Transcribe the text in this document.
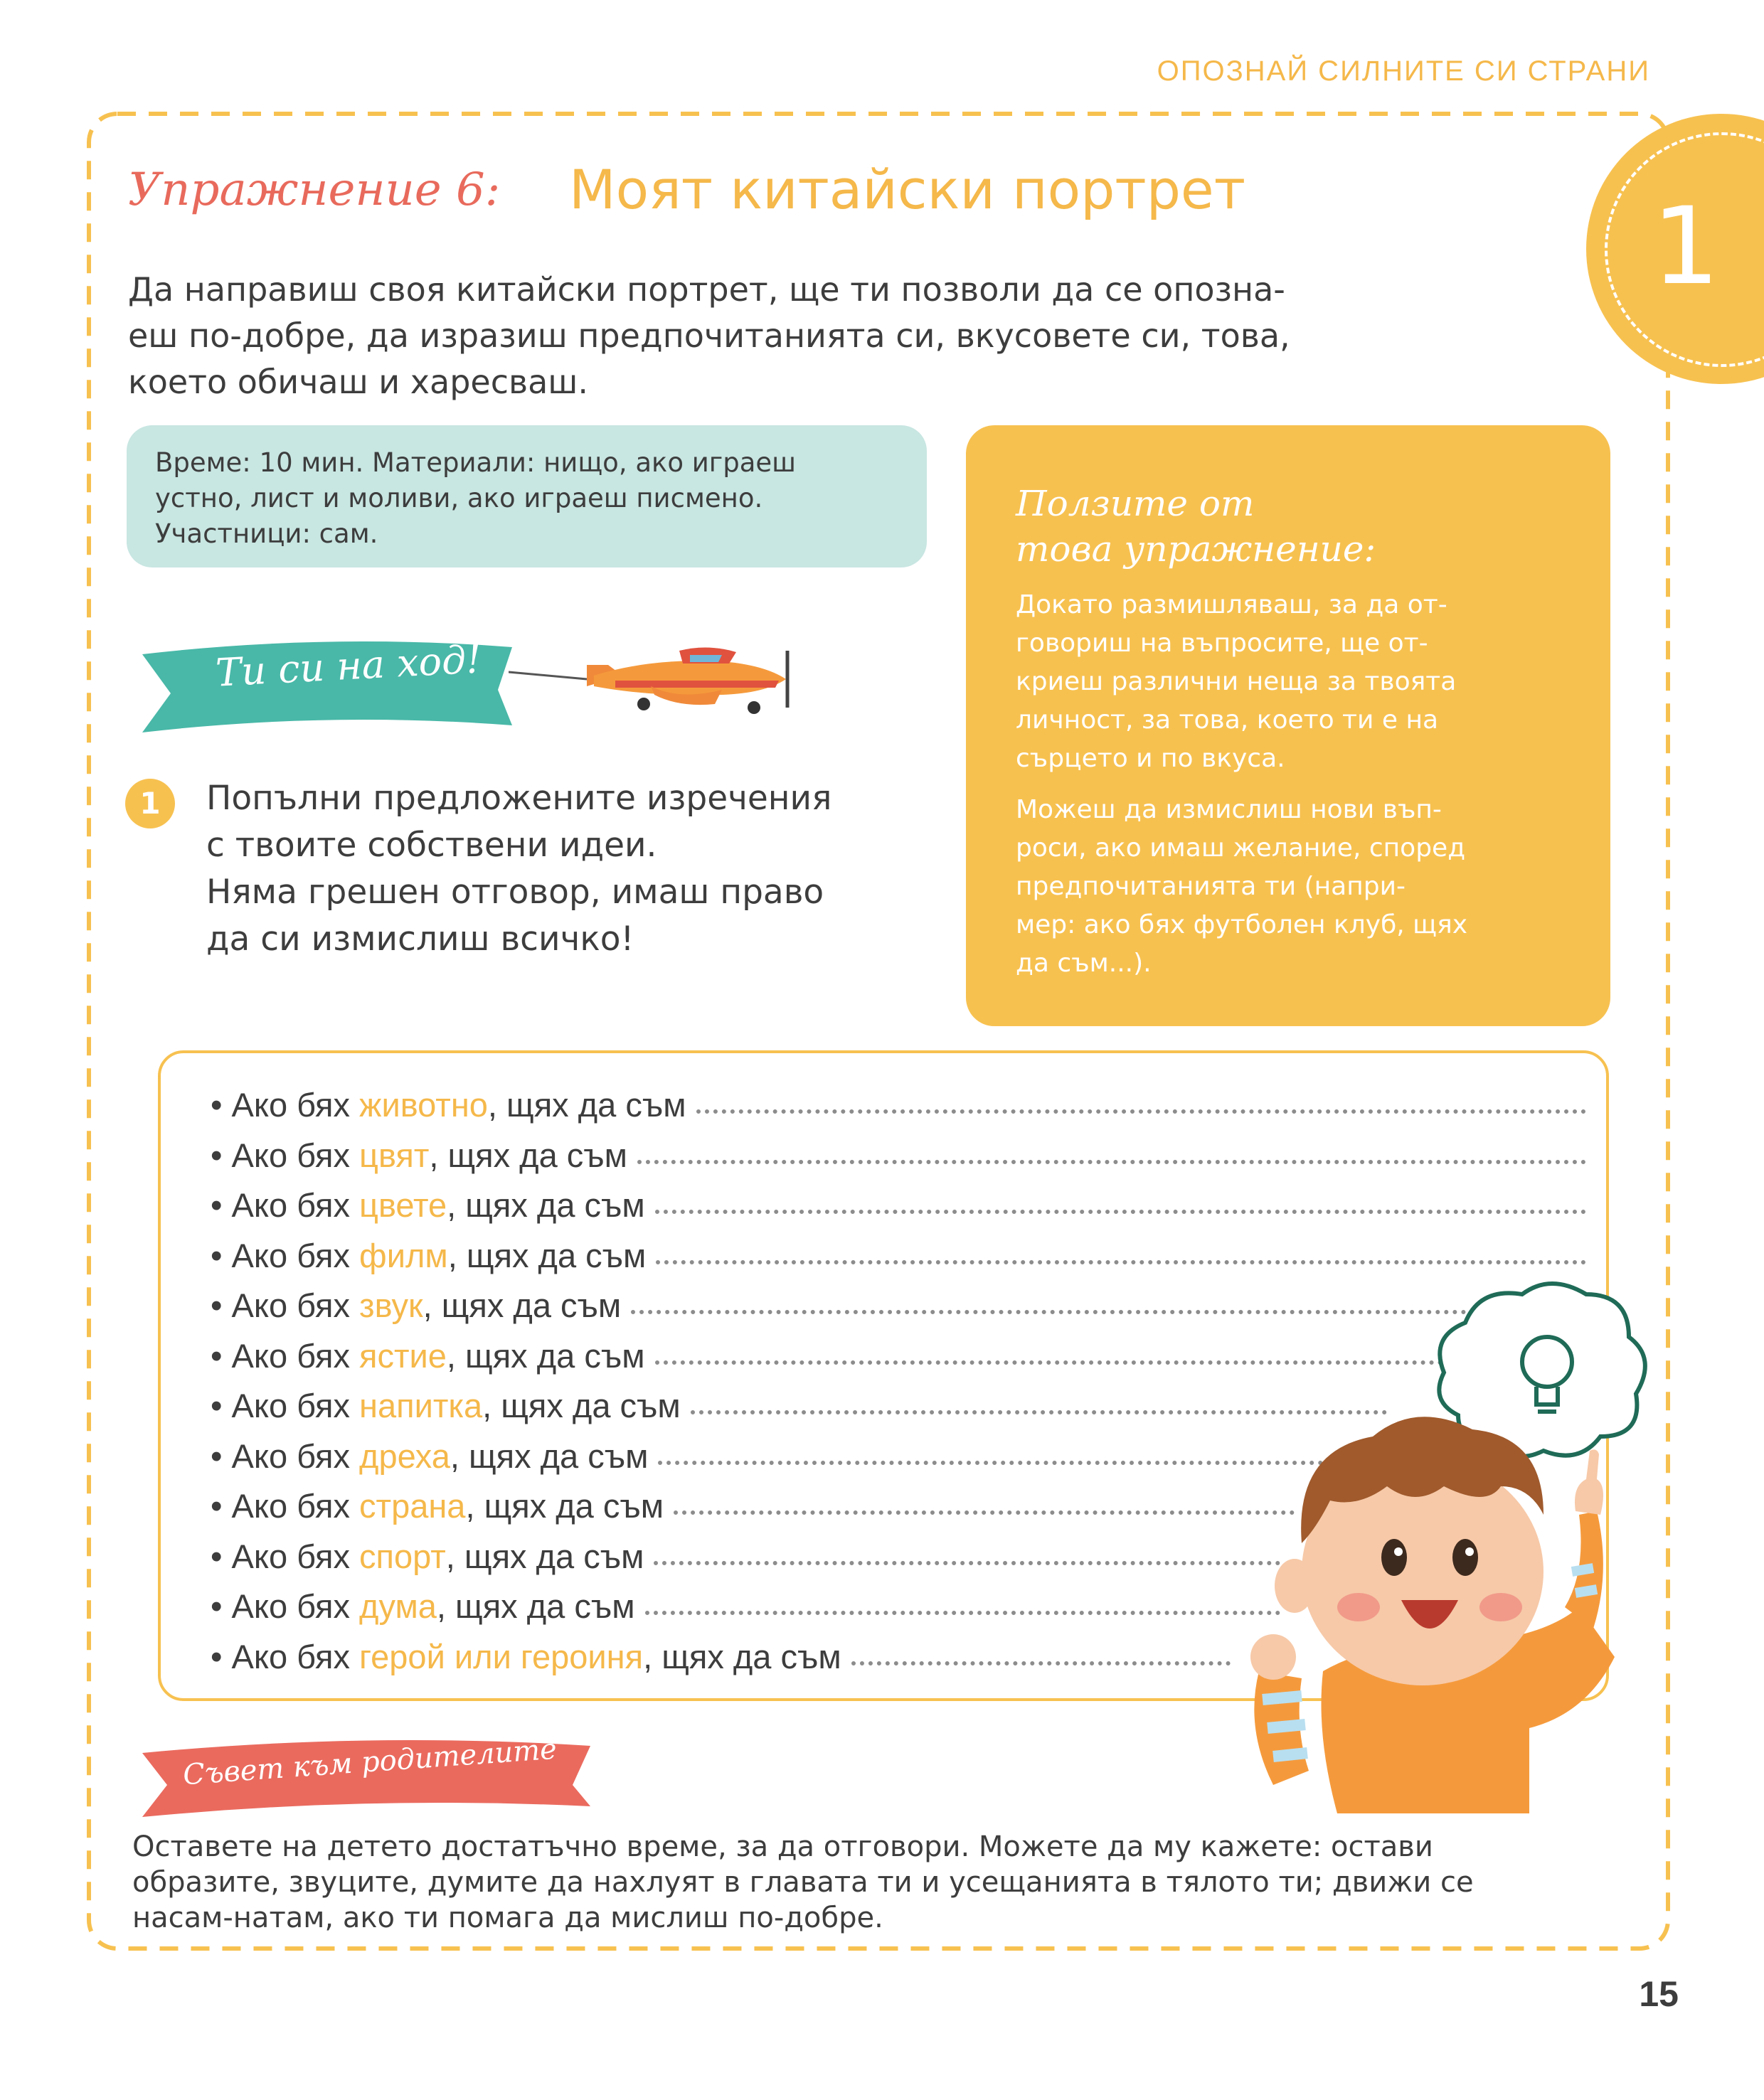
ОПОЗНАЙ СИЛНИТЕ СИ СТРАНИ
1
Упражнение 6: Моят китайски портрет
Да направиш своя китайски портрет, ще ти позволи да се опозна-
еш по-добре, да изразиш предпочитанията си, вкусовете си, това,
което обичаш и харесваш.
Време: 10 мин. Материали: нищо, ако играеш
устно, лист и моливи, ако играеш писмено.
Участници: сам.
Ползите от
това упражнение:

Докато размишляваш, за да от-
говориш на въпросите, ще от-
криеш различни неща за твоята
личност, за това, което ти е на
сърцето и по вкуса.

Можеш да измислиш нови въп-
роси, ако имаш желание, според
предпочитанията ти (напри-
мер: ако бях футболен клуб, щях
да съм...).

Ти си на ход!
1	Попълни предложените изречения
с твоите собствени идеи.
Няма грешен отговор, имаш право
да си измислиш всичко!
• Ако бях животно , щях да съм
• Ако бях цвят , щях да съм
• Ако бях цвете , щях да съм
• Ако бях филм , щях да съм
• Ако бях звук , щях да съм
• Ако бях ястие , щях да съм
• Ако бях напитка , щях да съм
• Ако бях дреха , щях да съм
• Ако бях страна , щях да съм
• Ако бях спорт , щях да съм
• Ако бях дума , щях да съм
• Ако бях герой или героиня , щях да съм
Съвет към родителите
Оставете на детето достатъчно време, за да отговори. Можете да му кажете: остави
образите, звуците, думите да нахлуят в главата ти и усещанията в тялото ти; движи се
насам-натам, ако ти помага да мислиш по-добре.
15
